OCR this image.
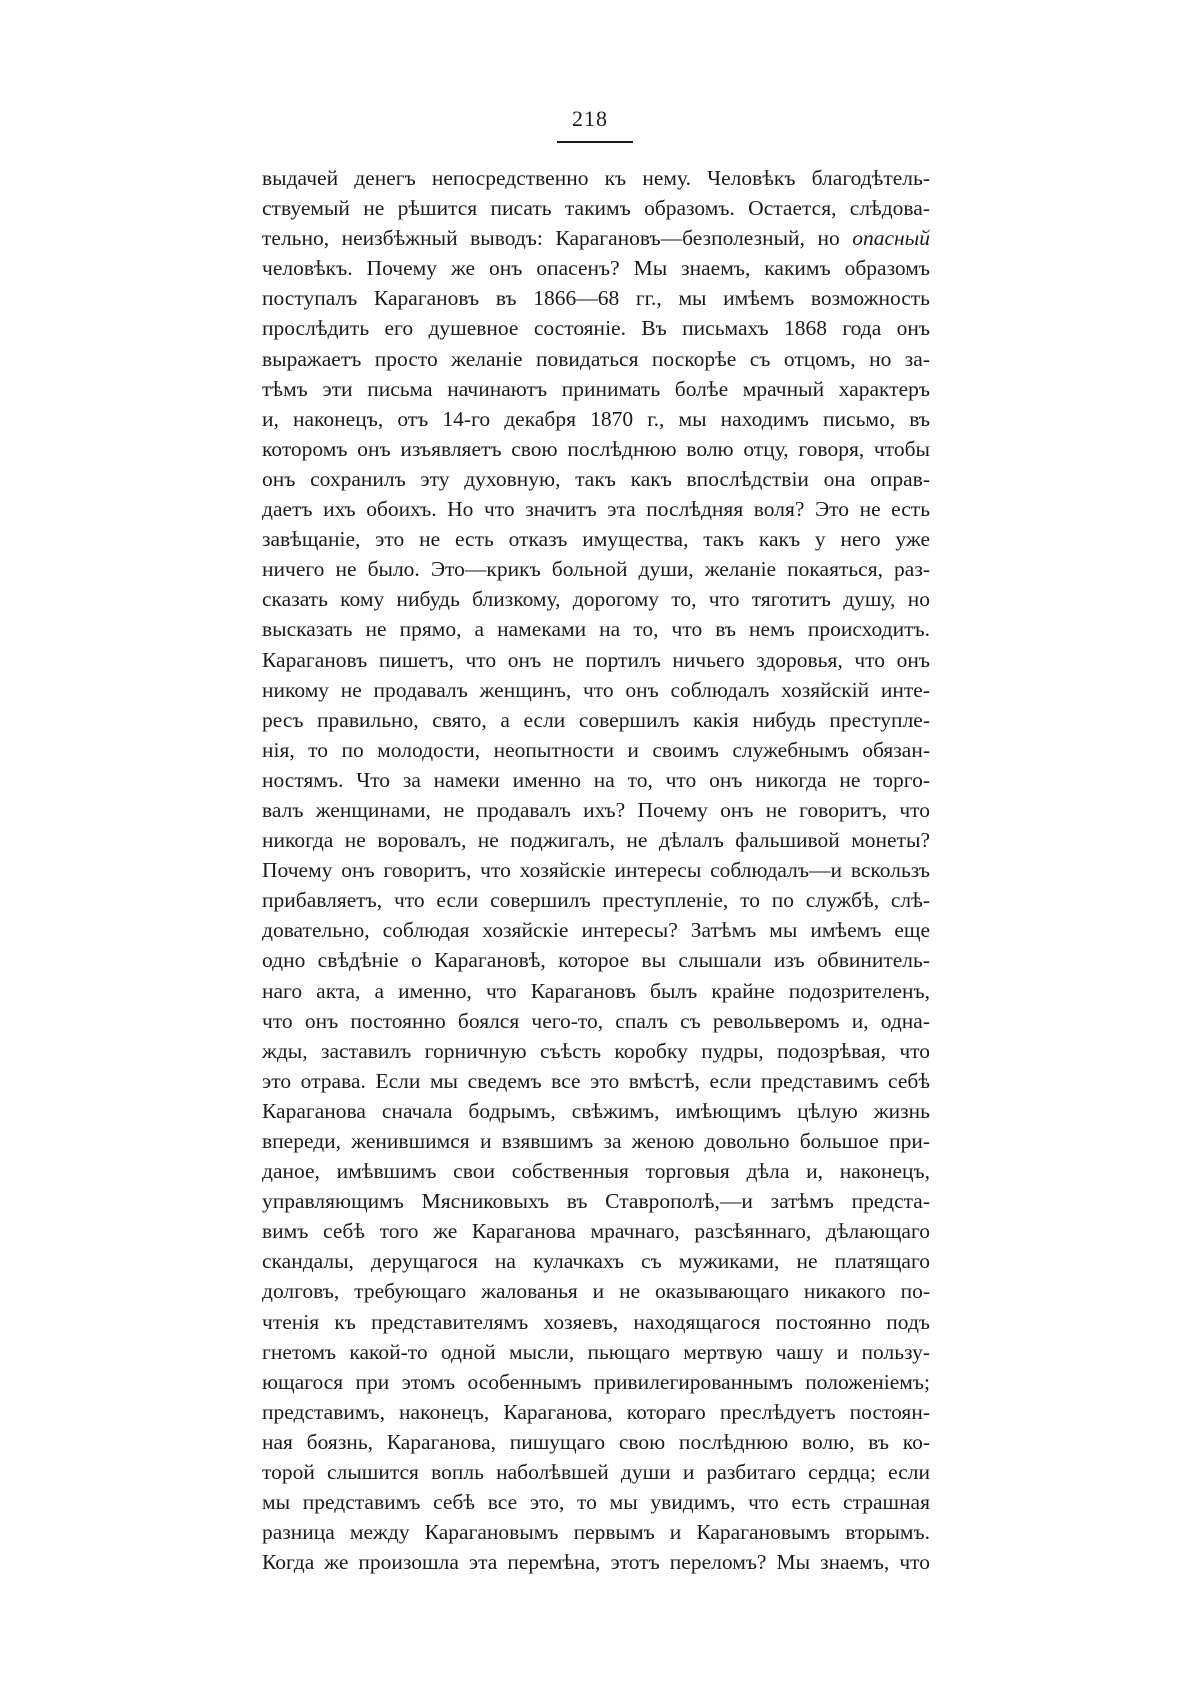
218
выдачей денегъ непосредственно къ нему. Человѣкъ благодѣтель-
ствуемый не рѣшится писать такимъ образомъ. Остается, слѣдова-
тельно, неизбѣжный выводъ: Карагановъ—безполезный, но опасный
человѣкъ. Почему же онъ опасенъ? Мы знаемъ, какимъ образомъ
поступалъ Карагановъ въ 1866—68 гг., мы имѣемъ возможность
прослѣдить его душевное состояніе. Въ письмахъ 1868 года онъ
выражаетъ просто желаніе повидаться поскорѣе съ отцомъ, но за-
тѣмъ эти письма начинаютъ принимать болѣе мрачный характеръ
и, наконецъ, отъ 14-го декабря 1870 г., мы находимъ письмо, въ
которомъ онъ изъявляетъ свою послѣднюю волю отцу, говоря, чтобы
онъ сохранилъ эту духовную, такъ какъ впослѣдствіи она оправ-
даетъ ихъ обоихъ. Но что значитъ эта послѣдняя воля? Это не есть
завѣщаніе, это не есть отказъ имущества, такъ какъ у него уже
ничего не было. Это—крикъ больной души, желаніе покаяться, раз-
сказать кому нибудь близкому, дорогому то, что тяготитъ душу, но
высказать не прямо, а намеками на то, что въ немъ происходитъ.
Карагановъ пишетъ, что онъ не портилъ ничьего здоровья, что онъ
никому не продавалъ женщинъ, что онъ соблюдалъ хозяйскій инте-
ресъ правильно, свято, а если совершилъ какія нибудь преступле-
нія, то по молодости, неопытности и своимъ служебнымъ обязан-
ностямъ. Что за намеки именно на то, что онъ никогда не торго-
валъ женщинами, не продавалъ ихъ? Почему онъ не говоритъ, что
никогда не воровалъ, не поджигалъ, не дѣлалъ фальшивой монеты?
Почему онъ говоритъ, что хозяйскіе интересы соблюдалъ—и вскользъ
прибавляетъ, что если совершилъ преступленіе, то по службѣ, слѣ-
довательно, соблюдая хозяйскіе интересы? Затѣмъ мы имѣемъ еще
одно свѣдѣніе о Карагановѣ, которое вы слышали изъ обвинитель-
наго акта, а именно, что Карагановъ былъ крайне подозрителенъ,
что онъ постоянно боялся чего-то, спалъ съ револьверомъ и, одна-
жды, заставилъ горничную съѣсть коробку пудры, подозрѣвая, что
это отрава. Если мы сведемъ все это вмѣстѣ, если представимъ себѣ
Караганова сначала бодрымъ, свѣжимъ, имѣющимъ цѣлую жизнь
впереди, женившимся и взявшимъ за женою довольно большое при-
даное, имѣвшимъ свои собственныя торговыя дѣла и, наконецъ,
управляющимъ Мясниковыхъ въ Ставрополѣ,—и затѣмъ предста-
вимъ себѣ того же Караганова мрачнаго, разсѣяннаго, дѣлающаго
скандалы, дерущагося на кулачкахъ съ мужиками, не платящаго
долговъ, требующаго жалованья и не оказывающаго никакого по-
чтенія къ представителямъ хозяевъ, находящагося постоянно подъ
гнетомъ какой-то одной мысли, пьющаго мертвую чашу и пользу-
ющагося при этомъ особеннымъ привилегированнымъ положеніемъ;
представимъ, наконецъ, Караганова, котораго преслѣдуетъ постоян-
ная боязнь, Караганова, пишущаго свою послѣднюю волю, въ ко-
торой слышится вопль наболѣвшей души и разбитаго сердца; если
мы представимъ себѣ все это, то мы увидимъ, что есть страшная
разница между Карагановымъ первымъ и Карагановымъ вторымъ.
Когда же произошла эта перемѣна, этотъ переломъ? Мы знаемъ, что
